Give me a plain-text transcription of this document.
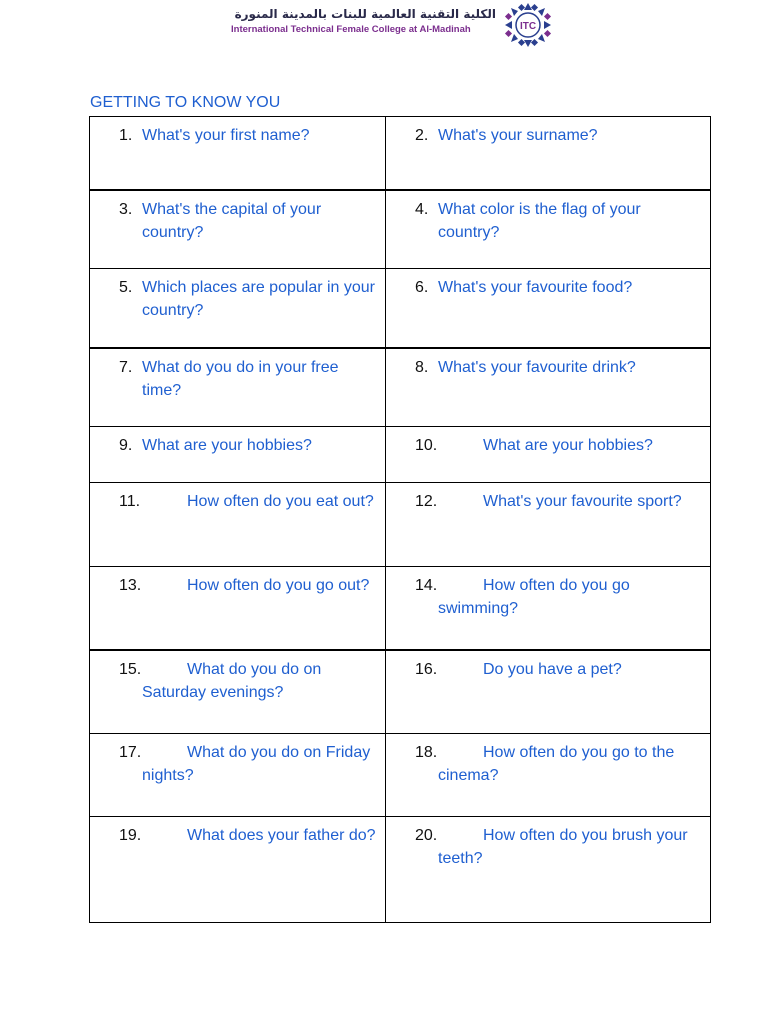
الكلية التقنية العالمية للبنات بالمدينة المنورة
International Technical Female College at Al-Madinah	ITC
GETTING TO KNOW YOU
1. What's your first name?	2. What's your surname?

3. What's the capital of your country?	4. What color is the flag of your country?

5. Which places are popular in your country?	6. What's your favourite food?

7. What do you do in your free time?	8. What's your favourite drink?

9. What are your hobbies?	10. What are your hobbies?

11. How often do you eat out?	12. What's your favourite sport?

13. How often do you go out?	14. How often do you go swimming?

15. What do you do on Saturday evenings?	16. Do you have a pet?

17. What do you do on Friday nights?	18. How often do you go to the cinema?

19. What does your father do?	20. How often do you brush your teeth?
